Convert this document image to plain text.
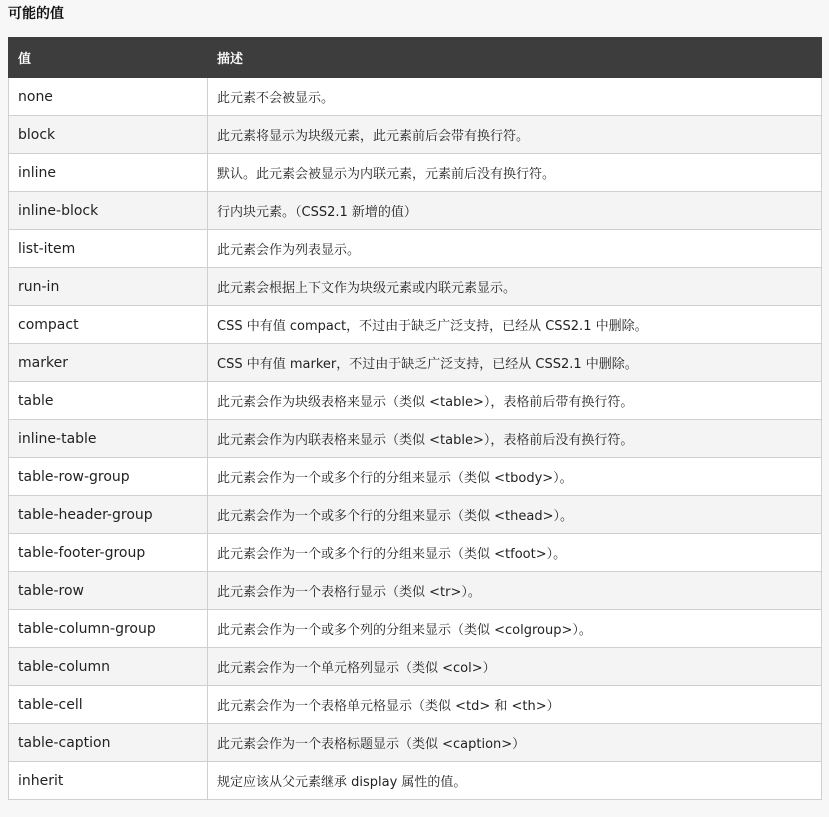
可能的值
值	描述
none	此元素不会被显示。
block	此元素将显示为块级元素，此元素前后会带有换行符。
inline	默认。此元素会被显示为内联元素，元素前后没有换行符。
inline-block	行内块元素。（CSS2.1 新增的值）
list-item	此元素会作为列表显示。
run-in	此元素会根据上下文作为块级元素或内联元素显示。
compact	CSS 中有值 compact，不过由于缺乏广泛支持，已经从 CSS2.1 中删除。
marker	CSS 中有值 marker，不过由于缺乏广泛支持，已经从 CSS2.1 中删除。
table	此元素会作为块级表格来显示（类似 <table>），表格前后带有换行符。
inline-table	此元素会作为内联表格来显示（类似 <table>），表格前后没有换行符。
table-row-group	此元素会作为一个或多个行的分组来显示（类似 <tbody>）。
table-header-group	此元素会作为一个或多个行的分组来显示（类似 <thead>）。
table-footer-group	此元素会作为一个或多个行的分组来显示（类似 <tfoot>）。
table-row	此元素会作为一个表格行显示（类似 <tr>）。
table-column-group	此元素会作为一个或多个列的分组来显示（类似 <colgroup>）。
table-column	此元素会作为一个单元格列显示（类似 <col>）
table-cell	此元素会作为一个表格单元格显示（类似 <td> 和 <th>）
table-caption	此元素会作为一个表格标题显示（类似 <caption>）
inherit	规定应该从父元素继承 display 属性的值。
